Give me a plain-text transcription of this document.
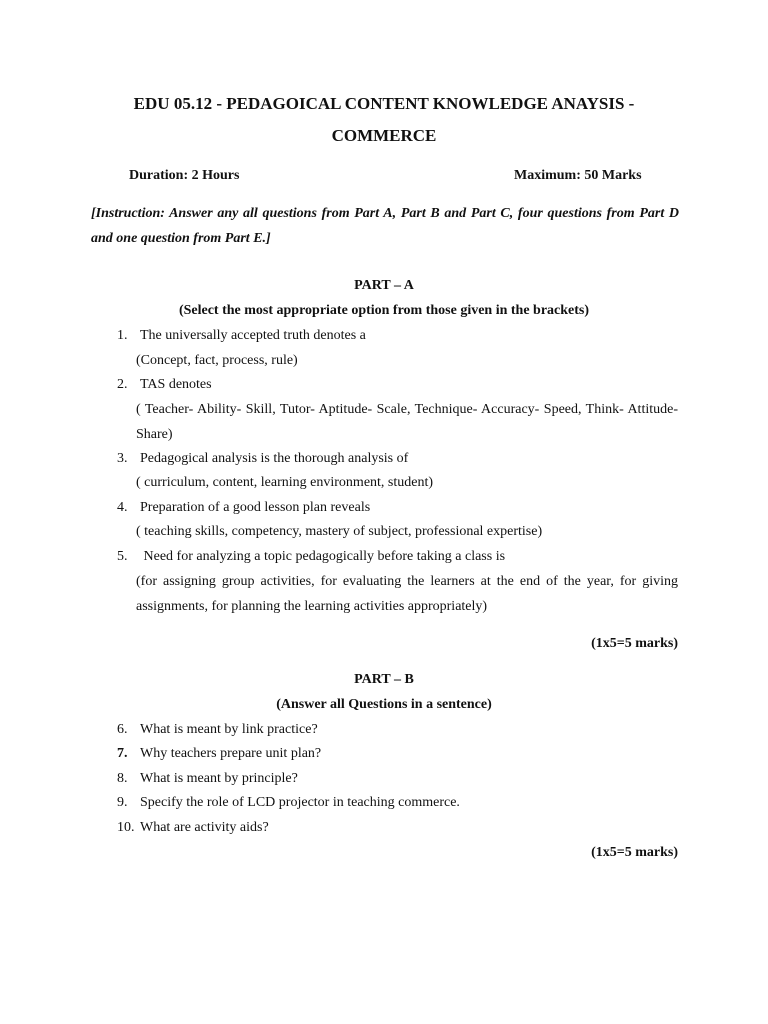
EDU 05.12 - PEDAGOICAL CONTENT KNOWLEDGE ANAYSIS -
COMMERCE
Duration: 2 Hours	Maximum: 50 Marks
[Instruction: Answer any all questions from Part A, Part B and Part C, four questions from Part D and one question from Part E.]
PART – A
(Select the most appropriate option from those given in the brackets)
1. The universally accepted truth denotes a
(Concept, fact, process, rule)
2. TAS denotes
( Teacher- Ability- Skill, Tutor- Aptitude- Scale, Technique- Accuracy- Speed, Think- Attitude- Share)
3. Pedagogical analysis is the thorough analysis of
( curriculum, content, learning environment, student)
4. Preparation of a good lesson plan reveals
( teaching skills, competency, mastery of subject, professional expertise)
5. Need for analyzing a topic pedagogically before taking a class is
(for assigning group activities, for evaluating the learners at the end of the year, for giving assignments, for planning the learning activities appropriately)
(1x5=5 marks)
PART – B
(Answer all Questions in a sentence)
6. What is meant by link practice?
7. Why teachers prepare unit plan?
8. What is meant by principle?
9. Specify the role of LCD projector in teaching commerce.
10. What are activity aids?
(1x5=5 marks)
